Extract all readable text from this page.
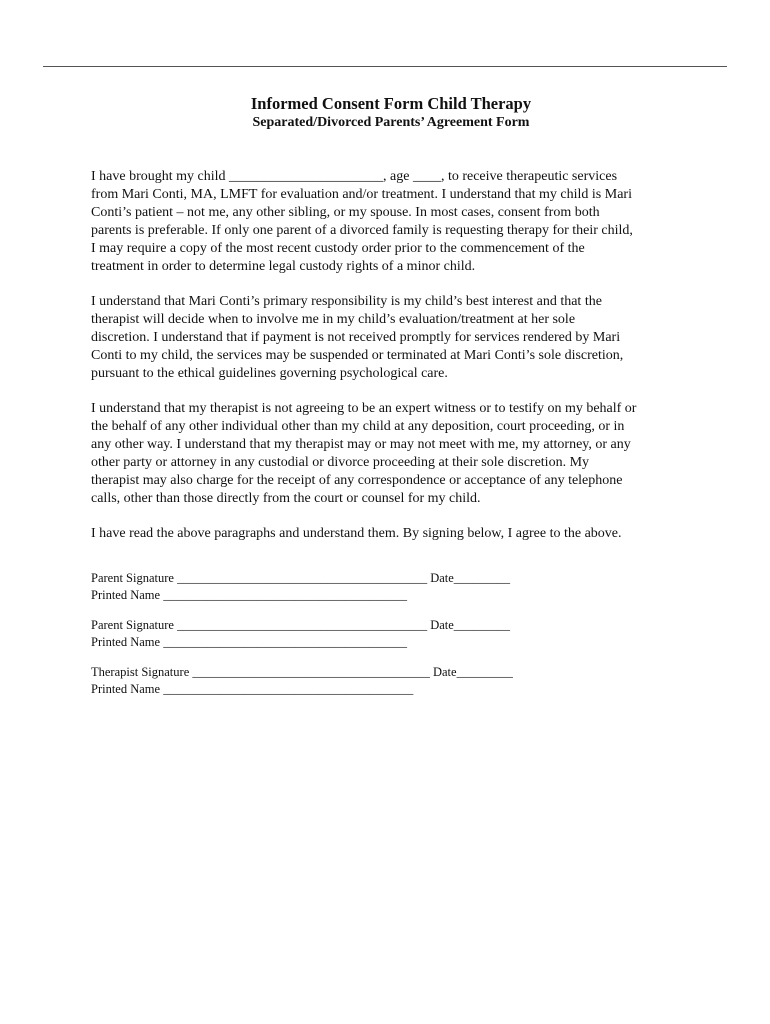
Informed Consent Form Child Therapy
Separated/Divorced Parents’ Agreement Form

I have brought my child ______________________, age ____, to receive therapeutic services
from Mari Conti, MA, LMFT for evaluation and/or treatment. I understand that my child is Mari
Conti’s patient – not me, any other sibling, or my spouse. In most cases, consent from both
parents is preferable. If only one parent of a divorced family is requesting therapy for their child,
I may require a copy of the most recent custody order prior to the commencement of the
treatment in order to determine legal custody rights of a minor child.

I understand that Mari Conti’s primary responsibility is my child’s best interest and that the
therapist will decide when to involve me in my child’s evaluation/treatment at her sole
discretion. I understand that if payment is not received promptly for services rendered by Mari
Conti to my child, the services may be suspended or terminated at Mari Conti’s sole discretion,
pursuant to the ethical guidelines governing psychological care.

I understand that my therapist is not agreeing to be an expert witness or to testify on my behalf or
the behalf of any other individual other than my child at any deposition, court proceeding, or in
any other way. I understand that my therapist may or may not meet with me, my attorney, or any
other party or attorney in any custodial or divorce proceeding at their sole discretion. My
therapist may also charge for the receipt of any correspondence or acceptance of any telephone
calls, other than those directly from the court or counsel for my child.

I have read the above paragraphs and understand them. By signing below, I agree to the above.

Parent Signature ________________________________________ Date_________
Printed Name _______________________________________
Parent Signature ________________________________________ Date_________
Printed Name _______________________________________
Therapist Signature ______________________________________ Date_________
Printed Name ________________________________________
